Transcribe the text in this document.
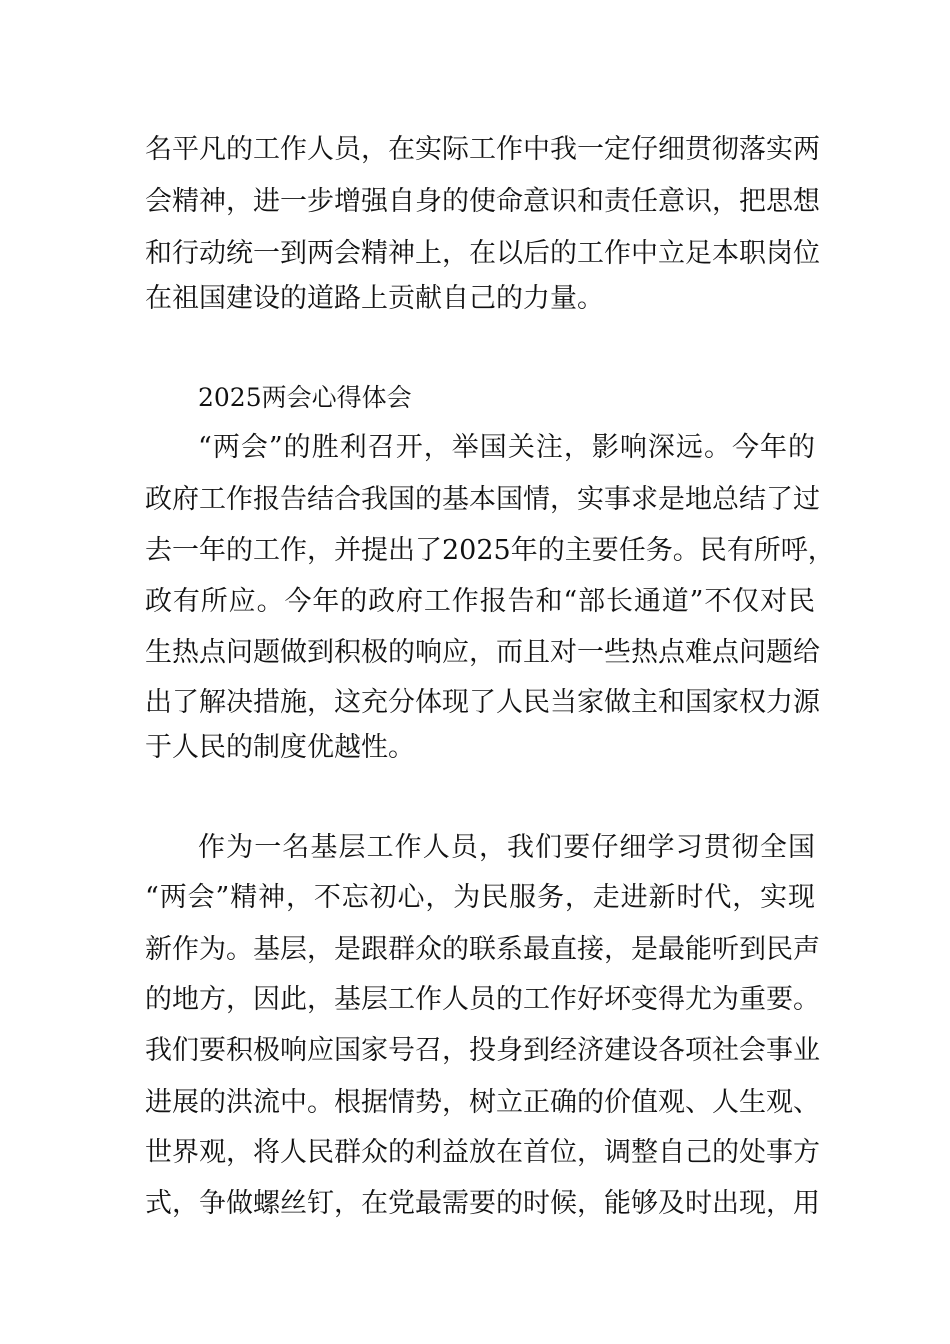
名平凡的工作人员，在实际工作中我一定仔细贯彻落实两

会精神，进一步增强自身的使命意识和责任意识，把思想

和行动统一到两会精神上，在以后的工作中立足本职岗位

在祖国建设的道路上贡献自己的力量。

2025两会心得体会

“两会”的胜利召开，举国关注，影响深远。今年的

政府工作报告结合我国的基本国情，实事求是地总结了过

去一年的工作，并提出了2025年的主要任务。民有所呼，

政有所应。今年的政府工作报告和“部长通道”不仅对民

生热点问题做到积极的响应，而且对一些热点难点问题给

出了解决措施，这充分体现了人民当家做主和国家权力源

于人民的制度优越性。

作为一名基层工作人员，我们要仔细学习贯彻全国

“两会”精神，不忘初心，为民服务，走进新时代，实现

新作为。基层，是跟群众的联系最直接，是最能听到民声

的地方，因此，基层工作人员的工作好坏变得尤为重要。

我们要积极响应国家号召，投身到经济建设各项社会事业

进展的洪流中。根据情势，树立正确的价值观、人生观、

世界观，将人民群众的利益放在首位，调整自己的处事方

式，争做螺丝钉，在党最需要的时候，能够及时出现，用
